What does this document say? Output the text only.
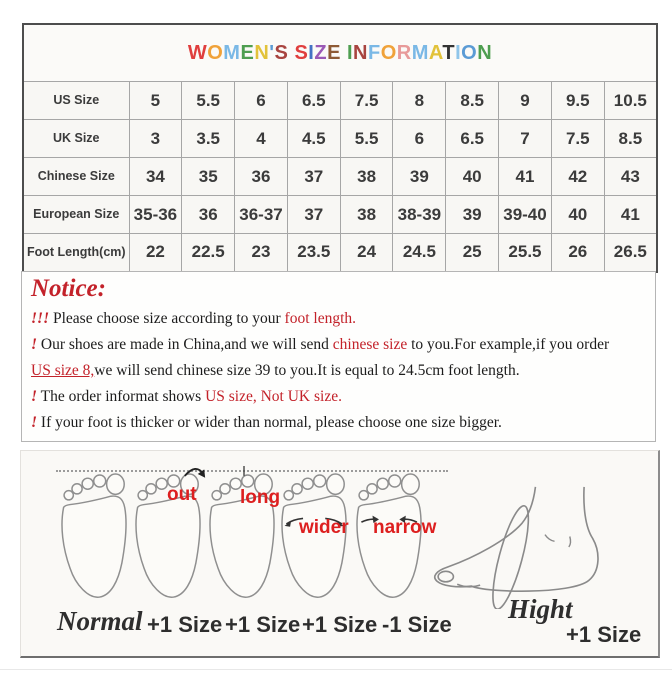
WOMEN'S SIZE INFORMATION										

US Size	5	5.5	6	6.5	7.5	8	8.5	9	9.5	10.5
UK Size	3	3.5	4	4.5	5.5	6	6.5	7	7.5	8.5
Chinese Size	34	35	36	37	38	39	40	41	42	43
European Size	35-36	36	36-37	37	38	38-39	39	39-40	40	41
Foot Length(cm)	22	22.5	23	23.5	24	24.5	25	25.5	26	26.5
Notice:
!!! Please choose size according to your foot length.
! Our shoes are made in China,and we will send chinese size to you.For example,if you order
US size 8,we will send chinese size 39 to you.It is equal to 24.5cm foot length.
! The order informat shows US size, Not UK size.
! If your foot is thicker or wider than normal, please choose one size bigger.
out long
wider narrow
Normal +1 Size +1 Size +1 Size -1 Size
Hight
+1 Size
